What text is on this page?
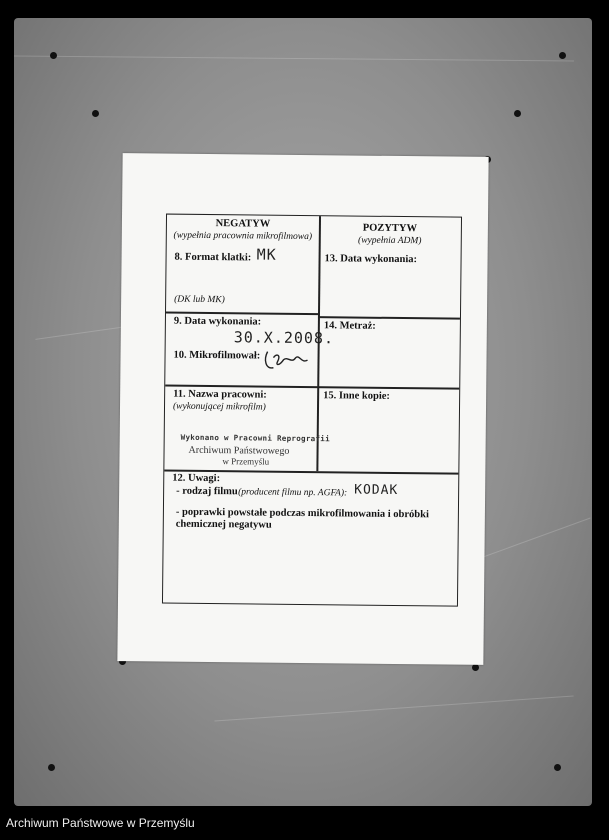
NEGATYW
(wypełnia pracownia mikrofilmowa)
POZYTYW
(wypełnia ADM)
8. Format klatki: MK
(DK lub MK)
13. Data wykonania:
9. Data wykonania:
30.X.2008.
10. Mikrofilmował:
14. Metraż:
11. Nazwa pracowni:
(wykonującej mikrofilm)
Wykonano w Pracowni Reprografii
Archiwum Państwowego
w Przemyślu
15. Inne kopie:
12. Uwagi:
- rodzaj filmu (producent filmu np. AGFA): KODAK
- poprawki powstałe podczas mikrofilmowania i obróbki
chemicznej negatywu
Archiwum Państwowe w Przemyślu
